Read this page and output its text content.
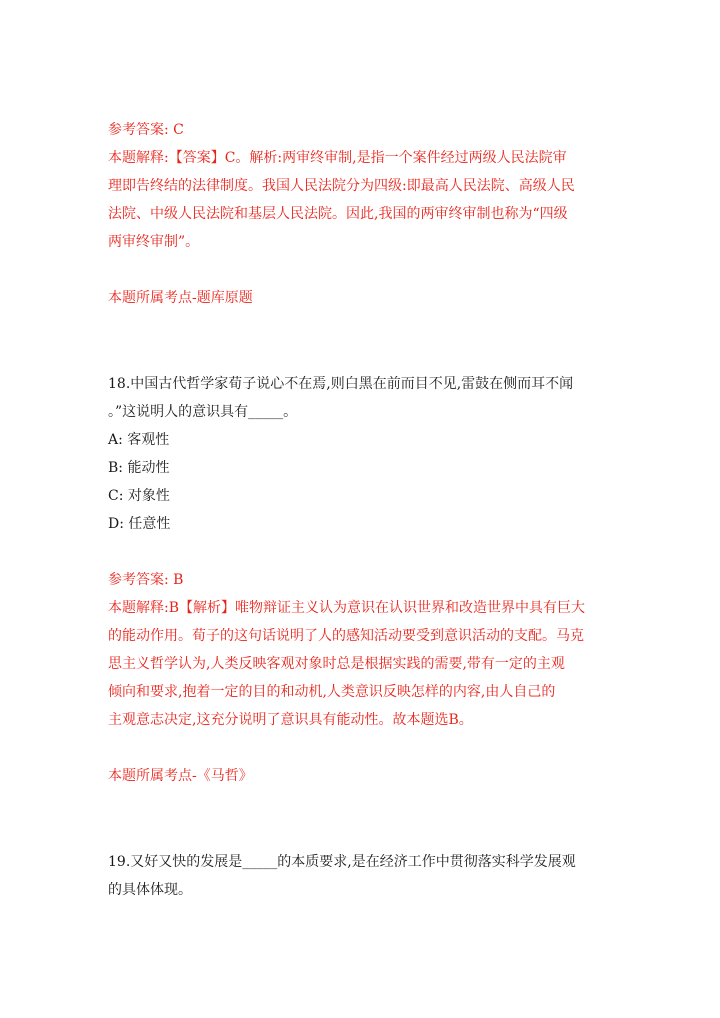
参考答案: C
本题解释:【答案】C。解析:两审终审制,是指一个案件经过两级人民法院审
理即告终结的法律制度。我国人民法院分为四级:即最高人民法院、高级人民
法院、中级人民法院和基层人民法院。因此,我国的两审终审制也称为“四级
两审终审制”。
本题所属考点-题库原题
18.中国古代哲学家荀子说心不在焉,则白黑在前而目不见,雷鼓在侧而耳不闻
。”这说明人的意识具有_____。
A: 客观性
B: 能动性
C: 对象性
D: 任意性
参考答案: B
本题解释:B【解析】唯物辩证主义认为意识在认识世界和改造世界中具有巨大
的能动作用。荀子的这句话说明了人的感知活动要受到意识活动的支配。马克
思主义哲学认为,人类反映客观对象时总是根据实践的需要,带有一定的主观
倾向和要求,抱着一定的目的和动机,人类意识反映怎样的内容,由人自己的
主观意志决定,这充分说明了意识具有能动性。故本题选B。
本题所属考点-《马哲》
19.又好又快的发展是_____的本质要求,是在经济工作中贯彻落实科学发展观
的具体体现。
